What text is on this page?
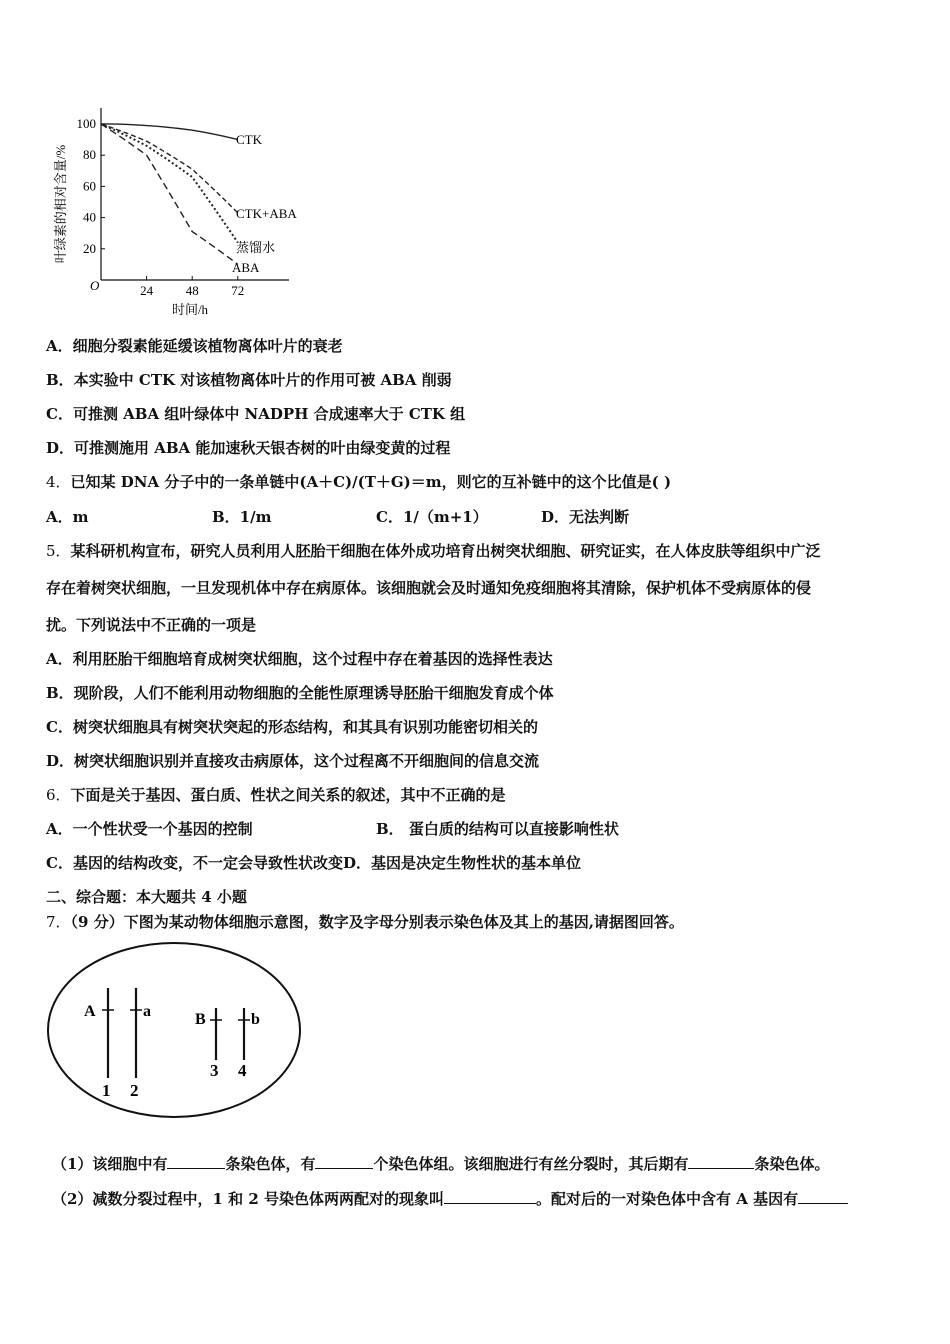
叶绿素的相对含量/%
O
100
80
60
40
20
24	48	72
时间/h
CTK
CTK+ABA
蒸馏水
ABA
A．细胞分裂素能延缓该植物离体叶片的衰老
B．本实验中 CTK 对该植物离体叶片的作用可被 ABA 削弱
C．可推测 ABA 组叶绿体中 NADPH 合成速率大于 CTK 组
D．可推测施用 ABA 能加速秋天银杏树的叶由绿变黄的过程
4．已知某 DNA 分子中的一条单链中(A＋C)/(T＋G)＝m，则它的互补链中的这个比值是( )
A．m	B．1/m	C．1/（m+1）	D．无法判断
5．某科研机构宣布，研究人员利用人胚胎干细胞在体外成功培育出树突状细胞、研究证实，在人体皮肤等组织中广泛
存在着树突状细胞，一旦发现机体中存在病原体。该细胞就会及时通知免疫细胞将其清除，保护机体不受病原体的侵
扰。下列说法中不正确的一项是
A．利用胚胎干细胞培育成树突状细胞，这个过程中存在着基因的选择性表达
B．现阶段，人们不能利用动物细胞的全能性原理诱导胚胎干细胞发育成个体
C．树突状细胞具有树突状突起的形态结构，和其具有识别功能密切相关的
D．树突状细胞识别并直接攻击病原体，这个过程离不开细胞间的信息交流
6．下面是关于基因、蛋白质、性状之间关系的叙述，其中不正确的是
A．一个性状受一个基因的控制	B． 蛋白质的结构可以直接影响性状
C．基因的结构改变，不一定会导致性状改变D．基因是决定生物性状的基本单位
二、综合题：本大题共 4 小题
7．（9 分）下图为某动物体细胞示意图，数字及字母分别表示染色体及其上的基因,请据图回答。
A	a	B	b
1 2
3 4
（1）该细胞中有	条染色体，有	个染色体组。该细胞进行有丝分裂时，其后期有	条染色体。
（2）减数分裂过程中，1 和 2 号染色体两两配对的现象叫	。配对后的一对染色体中含有 A 基因有
